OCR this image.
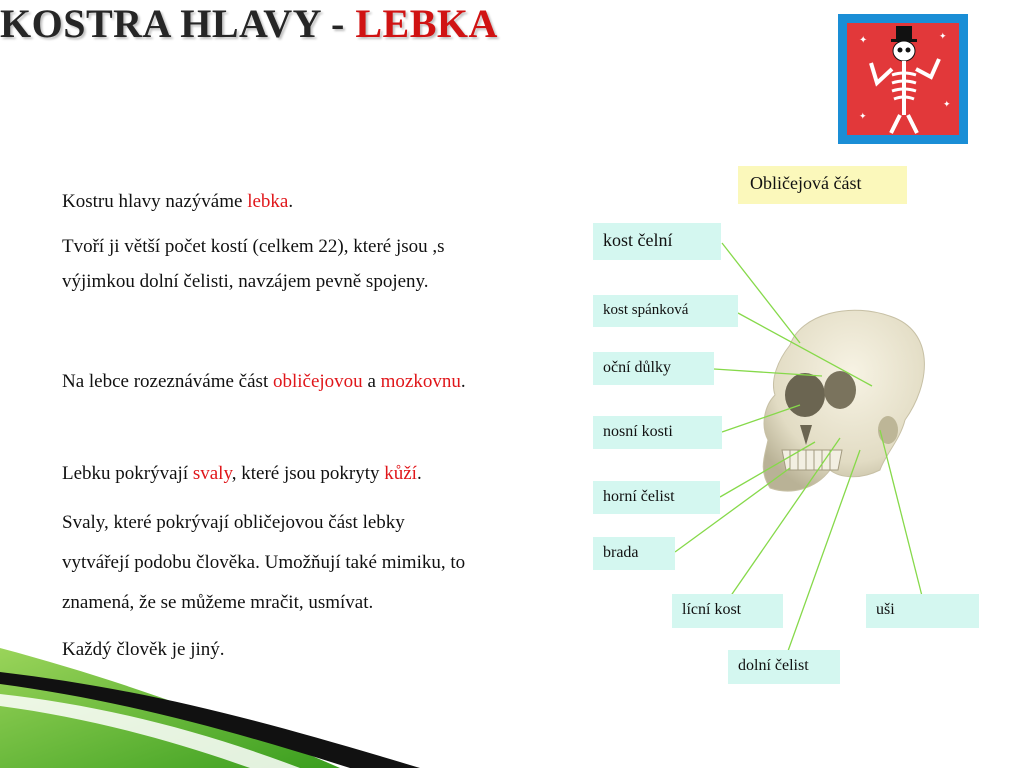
KOSTRA HLAVY - LEBKA	✦	✦
✦
✦
Kostru hlavy nazýváme lebka.
Tvoří ji větší počet kostí (celkem 22), které jsou ,s
výjimkou dolní čelisti, navzájem pevně spojeny.
Na lebce rozeznáváme část obličejovou a mozkovnu.
Lebku pokrývají svaly, které jsou pokryty kůží.
Svaly, které pokrývají obličejovou část lebky
vytvářejí podobu člověka. Umožňují také mimiku, to
znamená, že se můžeme mračit, usmívat.
Každý člověk je jiný.
Obličejová část
kost čelní
kost spánková
oční důlky
nosní kosti
horní čelist
brada
lícní kost	uši
dolní čelist
